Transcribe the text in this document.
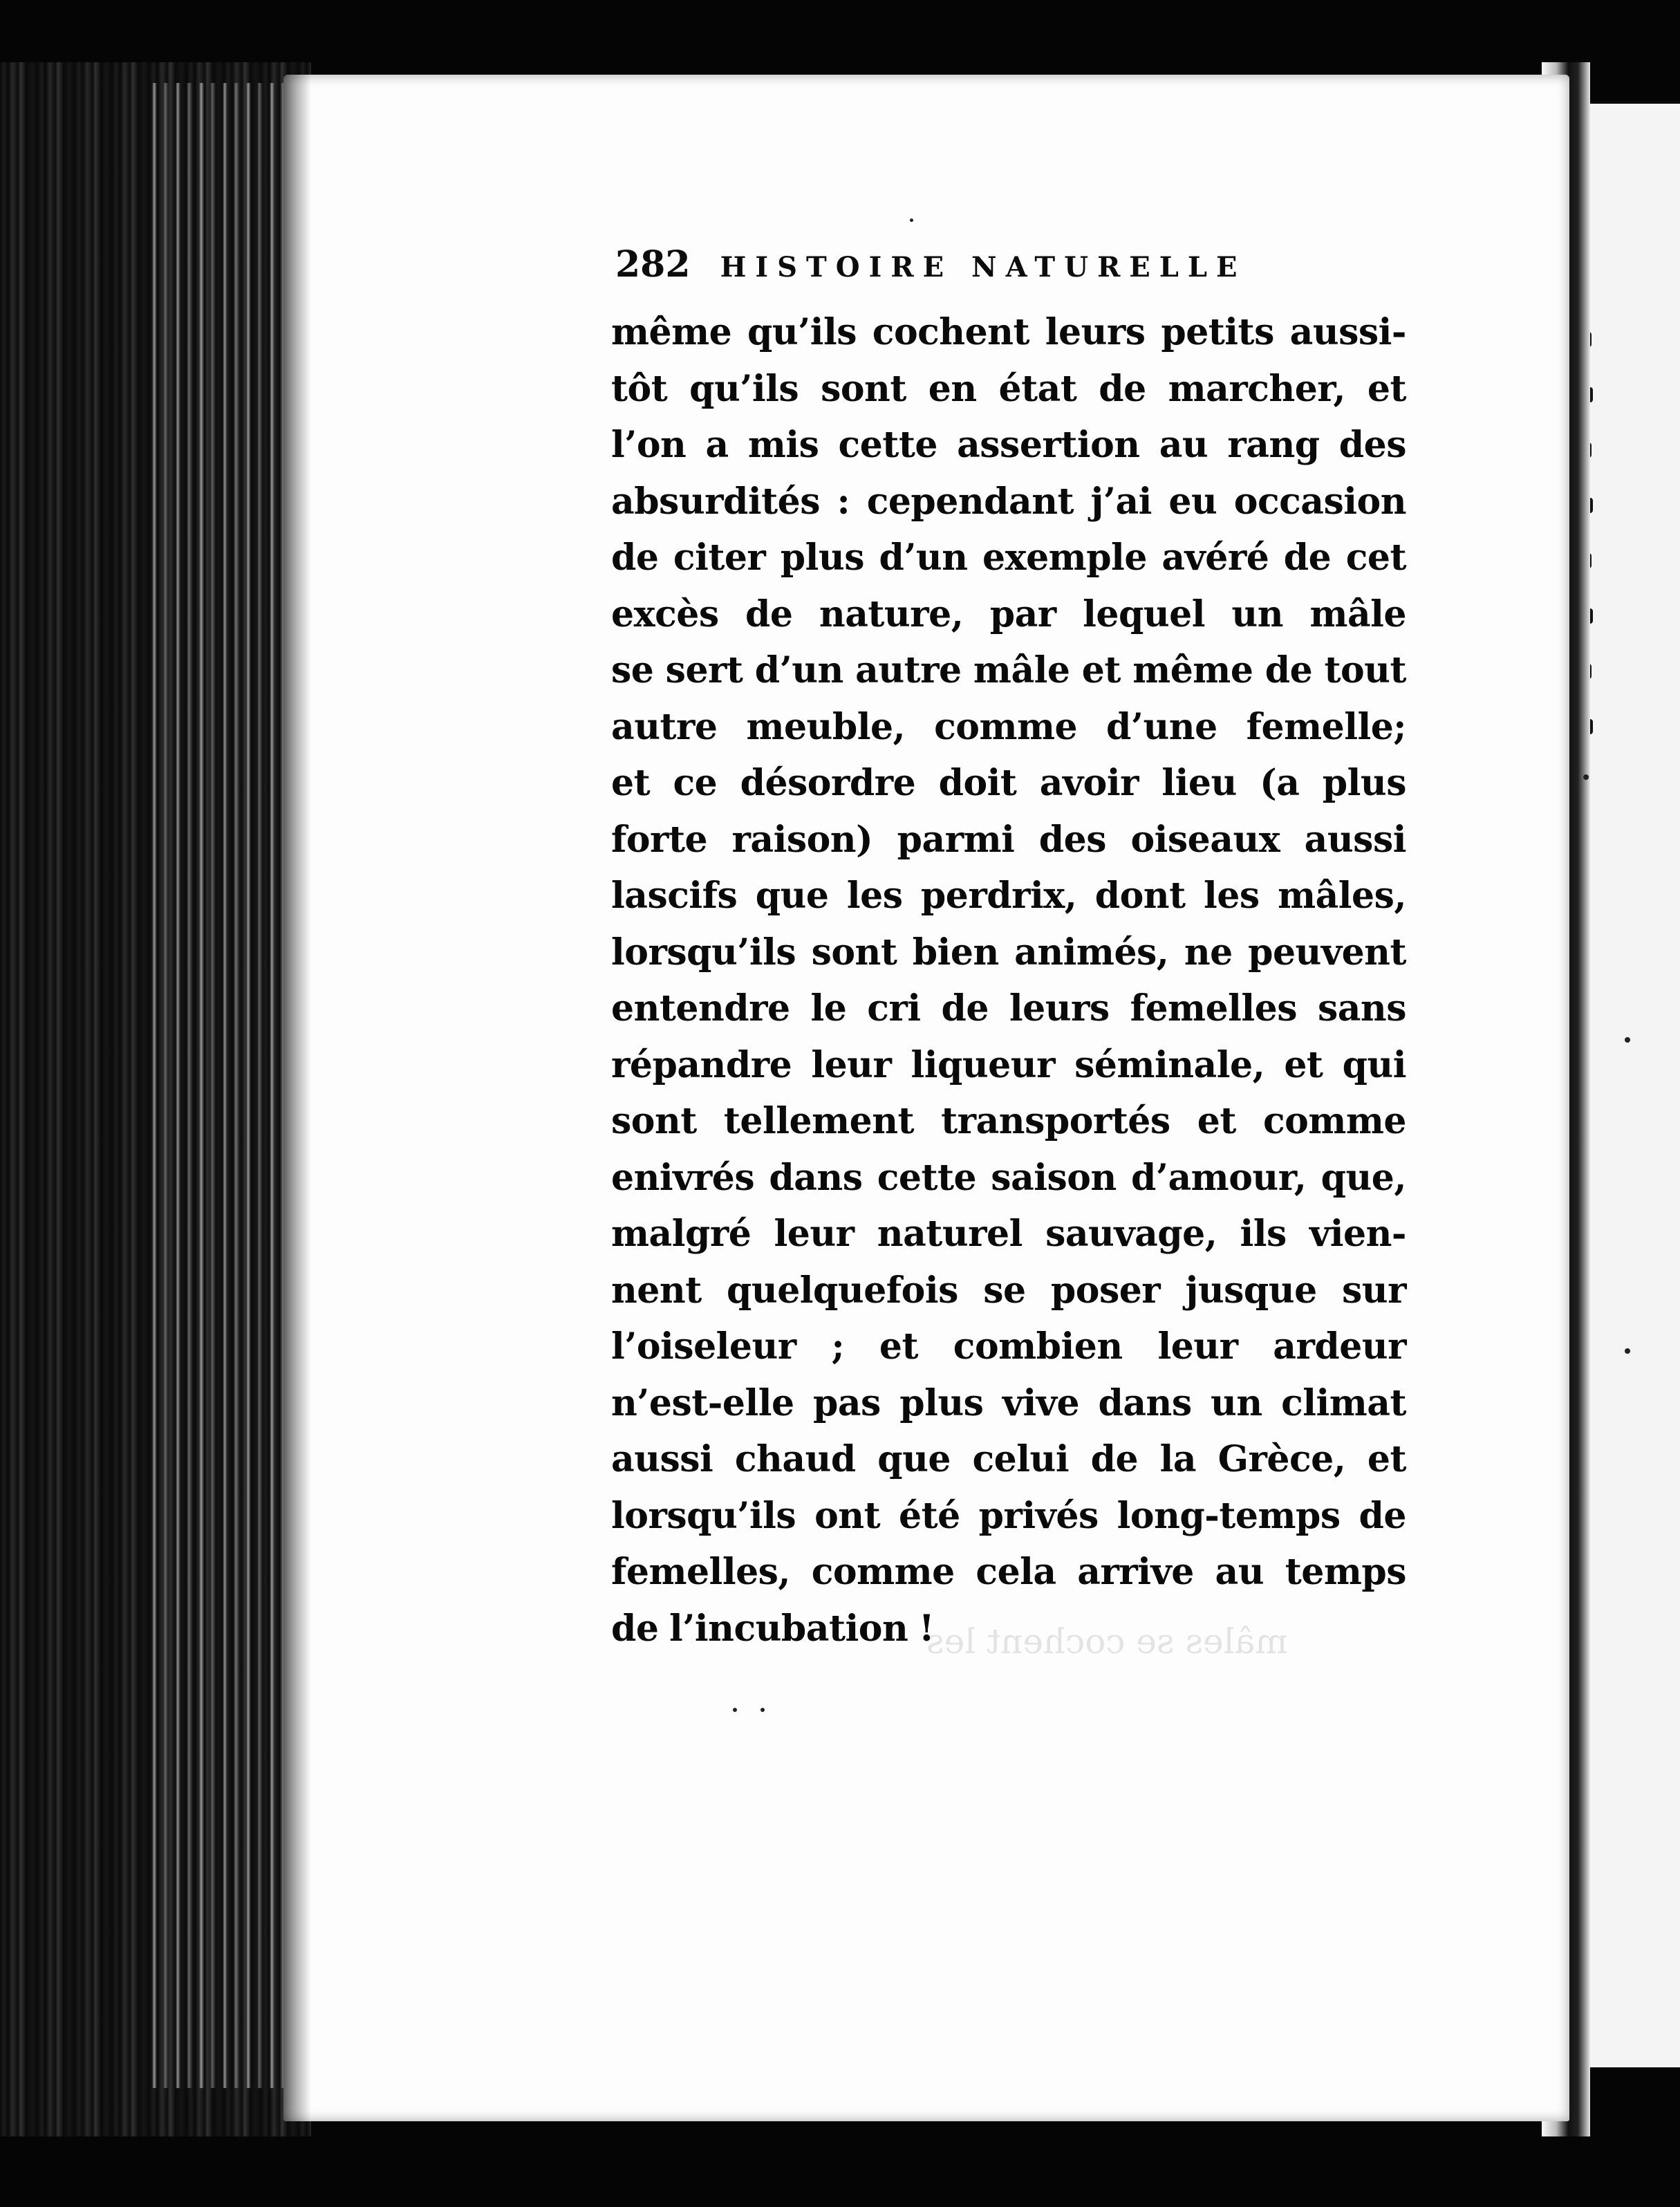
282 HISTOIRE NATURELLE
même qu’ils cochent leurs petits aussi-
tôt qu’ils sont en état de marcher, et
l’on a mis cette assertion au rang des
absurdités : cependant j’ai eu occasion
de citer plus d’un exemple avéré de cet
excès de nature, par lequel un mâle
se sert d’un autre mâle et même de tout
autre meuble, comme d’une femelle;
et ce désordre doit avoir lieu (a plus
forte raison) parmi des oiseaux aussi
lascifs que les perdrix, dont les mâles,
lorsqu’ils sont bien animés, ne peuvent
entendre le cri de leurs femelles sans
répandre leur liqueur séminale, et qui
sont tellement transportés et comme
enivrés dans cette saison d’amour, que,
malgré leur naturel sauvage, ils vien-
nent quelquefois se poser jusque sur
l’oiseleur ; et combien leur ardeur
n’est-elle pas plus vive dans un climat
aussi chaud que celui de la Grèce, et
lorsqu’ils ont été privés long-temps de
femelles, comme cela arrive au temps
de l’incubation !
mâles se cochent les
